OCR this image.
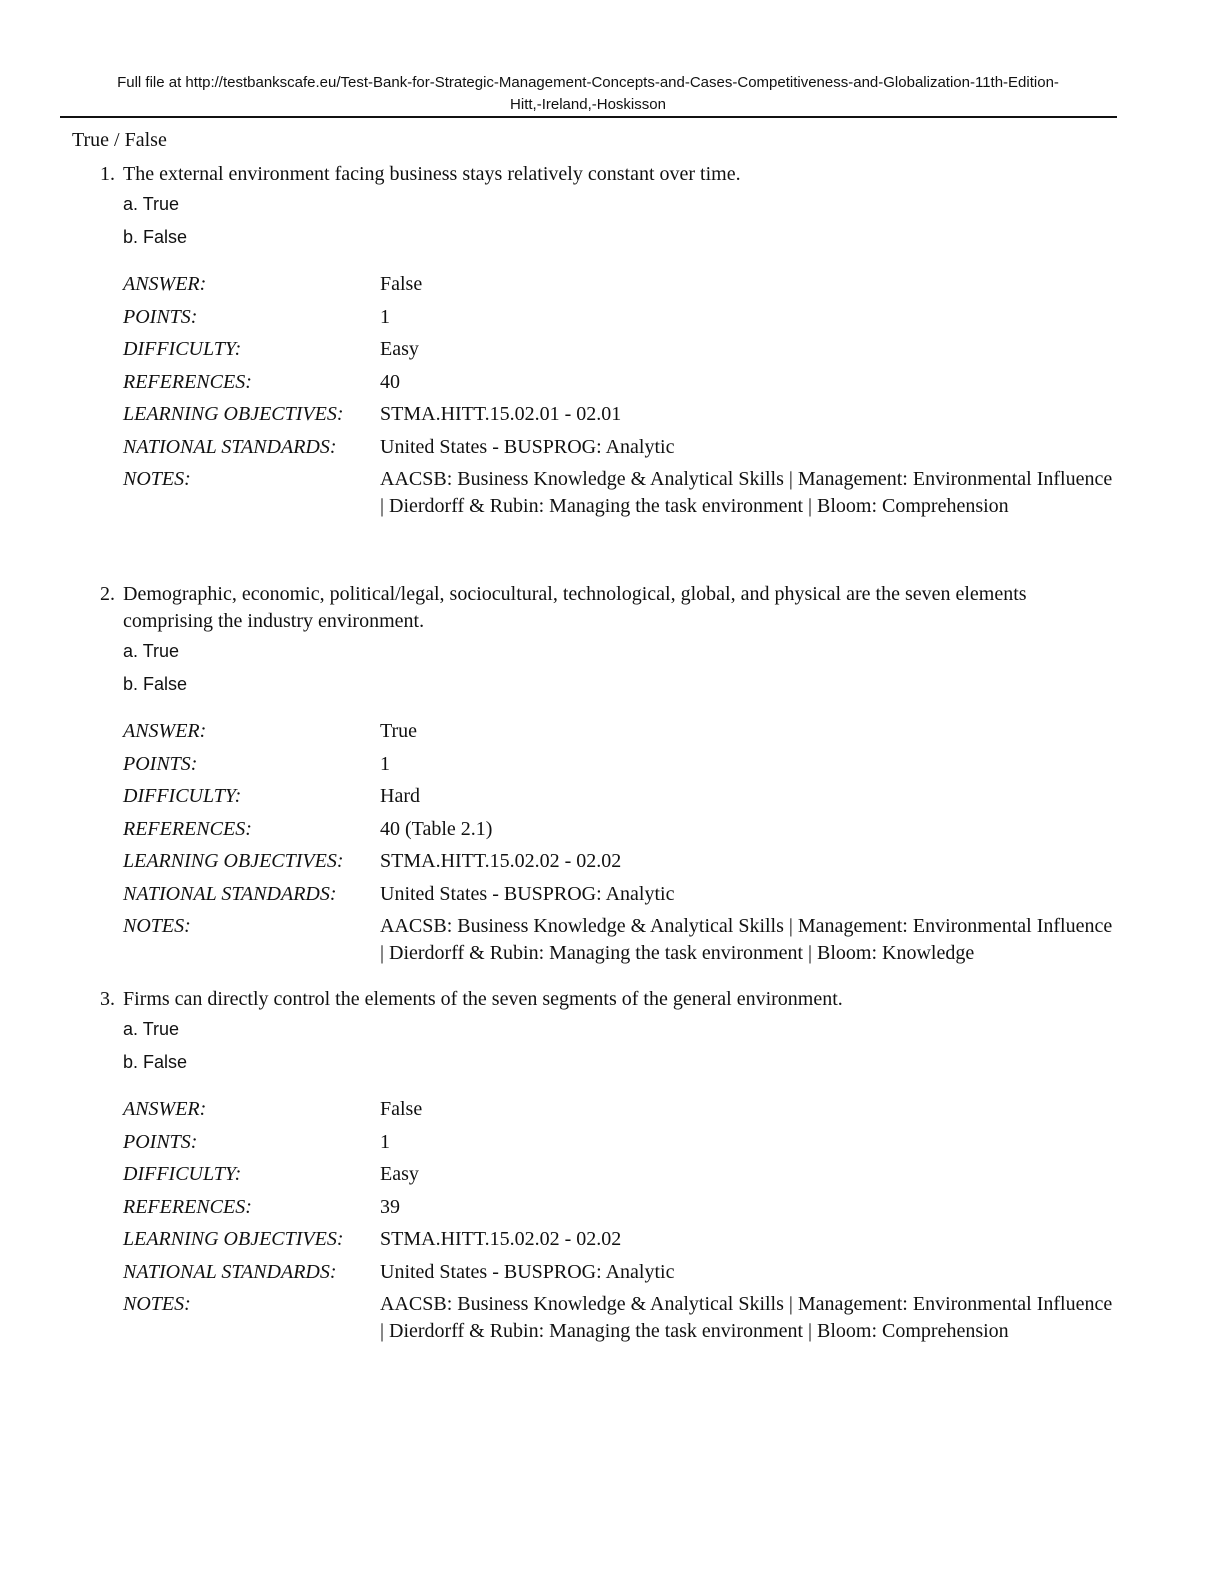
Full file at http://testbankscafe.eu/Test-Bank-for-Strategic-Management-Concepts-and-Cases-Competitiveness-and-Globalization-11th-Edition-
Hitt,-Ireland,-Hoskisson
True / False
1. The external environment facing business stays relatively constant over time.
a. True
b. False
ANSWER:	False
POINTS:	1
DIFFICULTY:	Easy
REFERENCES:	40
LEARNING OBJECTIVES:	STMA.HITT.15.02.01 - 02.01
NATIONAL STANDARDS:	United States - BUSPROG: Analytic
NOTES:	AACSB: Business Knowledge & Analytical Skills | Management: Environmental Influence | Dierdorff & Rubin: Managing the task environment | Bloom: Comprehension
2. Demographic, economic, political/legal, sociocultural, technological, global, and physical are the seven elements comprising the industry environment.
a. True
b. False
ANSWER:	True
POINTS:	1
DIFFICULTY:	Hard
REFERENCES:	40 (Table 2.1)
LEARNING OBJECTIVES:	STMA.HITT.15.02.02 - 02.02
NATIONAL STANDARDS:	United States - BUSPROG: Analytic
NOTES:	AACSB: Business Knowledge & Analytical Skills | Management: Environmental Influence | Dierdorff & Rubin: Managing the task environment | Bloom: Knowledge
3. Firms can directly control the elements of the seven segments of the general environment.
a. True
b. False
ANSWER:	False
POINTS:	1
DIFFICULTY:	Easy
REFERENCES:	39
LEARNING OBJECTIVES:	STMA.HITT.15.02.02 - 02.02
NATIONAL STANDARDS:	United States - BUSPROG: Analytic
NOTES:	AACSB: Business Knowledge & Analytical Skills | Management: Environmental Influence | Dierdorff & Rubin: Managing the task environment | Bloom: Comprehension
